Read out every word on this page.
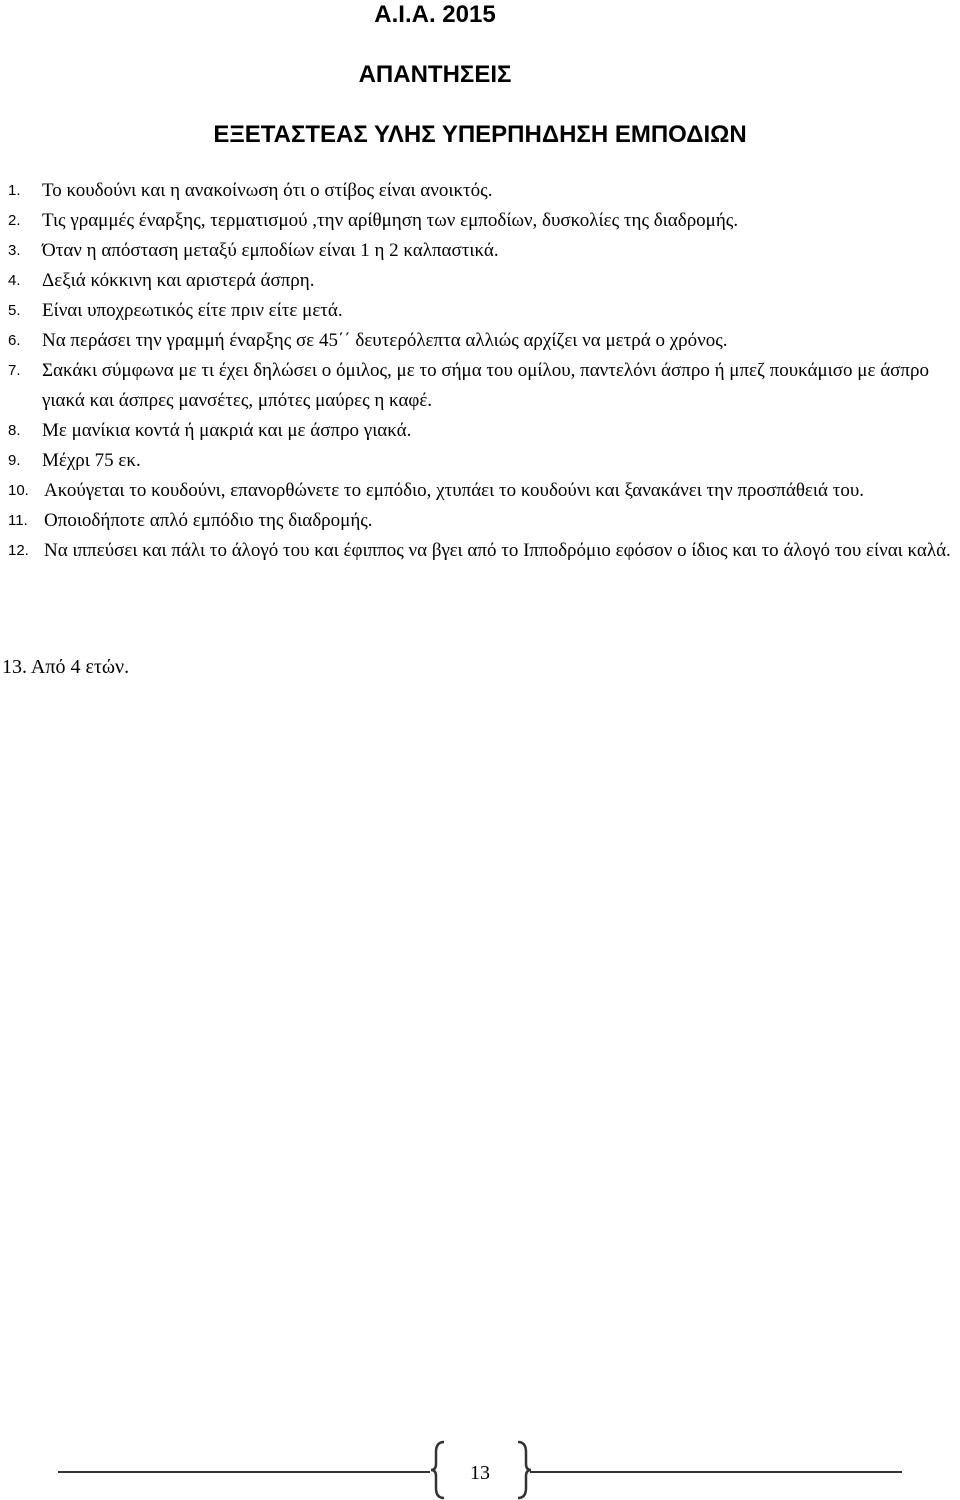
Α.Ι.Α. 2015
ΑΠΑΝΤΗΣΕΙΣ
ΕΞΕΤΑΣΤΕΑΣ ΥΛΗΣ ΥΠΕΡΠΗΔΗΣΗ ΕΜΠΟΔΙΩΝ
1.	Το κουδούνι και η ανακοίνωση ότι ο στίβος είναι ανοικτός.
2.	Τις γραμμές έναρξης, τερματισμού ,την αρίθμηση των εμποδίων, δυσκολίες της διαδρομής.
3.	Όταν η απόσταση μεταξύ εμποδίων είναι 1 η 2 καλπαστικά.
4.	Δεξιά κόκκινη και αριστερά άσπρη.
5.	Είναι υποχρεωτικός είτε πριν είτε μετά.
6.	Να περάσει την γραμμή έναρξης σε 45΄΄ δευτερόλεπτα αλλιώς αρχίζει να μετρά ο χρόνος.
7.	Σακάκι σύμφωνα με τι έχει δηλώσει ο όμιλος, με το σήμα του ομίλου, παντελόνι άσπρο ή μπεζ πουκάμισο με άσπρο γιακά και άσπρες μανσέτες, μπότες μαύρες η καφέ.
8.	Με μανίκια κοντά ή μακριά και με άσπρο γιακά.
9.	Μέχρι 75 εκ.
10. Ακούγεται το κουδούνι, επανορθώνετε το εμπόδιο, χτυπάει το κουδούνι και ξανακάνει την προσπάθειά του.
11. Οποιοδήποτε απλό εμπόδιο της διαδρομής.
12. Να ιππεύσει και πάλι το άλογό του και έφιππος να βγει από το Ιπποδρόμιο εφόσον ο ίδιος και το άλογό του είναι καλά.
13. Από 4 ετών.
13
